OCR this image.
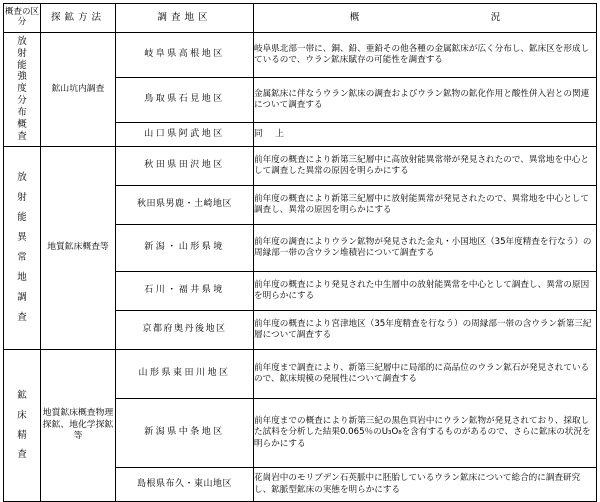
概査の区 分	探鉱方法	調査地区	概 況

放射能強度分布概査	鉱山坑内調査	岐阜県高根地区	岐阜県北部一帯に、銅、鉛、亜鉛その他各種の金属鉱床が広く分布し、鉱床区を形成しているので、ウラン鉱床賦存の可能性を調査する
		鳥取県石見地区	金属鉱床に伴なうウラン鉱床の調査およびウラン鉱物の鉱化作用と酸性併入岩との関連について調査する
		山口県阿武地区	同　上
放射能異常地調査	地質鉱床概査等	秋田県田沢地区	前年度の概査により新第三紀層中に高放射能異常帯が発見されたので、異常地を中心として調査した異常の原因を明らかにする
		秋田県男鹿・土崎地区	前年度の概査により新第三紀層中に放射能異常が発見されたので、異常地を中心として調査し、異常の原因を明らかにする
		新潟・山形県境	前年度の調査によりウラン鉱物が発見された金丸・小国地区（35年度精査を行なう）の周縁部一帯の含ウラン堆積岩について調査する
		石川・福井県境	前年度の概査により発見された中生層中の放射能異常を中心として調査し、異常の原因を明らかにする
		京都府奥丹後地区	前年度の概査により宮津地区（35年度精査を行なう）の周縁部一帯の含ウラン新第三紀層について調査する
鉱床精査	地質鉱床概査物理探鉱、地化学探鉱等	山形県東田川地区	前年度まで調査により、新第三紀層中に局部的に高品位のウラン鉱石が発見されているので、鉱床規模の発展性について調査する
		新潟県中条地区	前年度までの概査により新第三紀の黒色頁岩中にウラン鉱物が発見されており、採取した試料を分析した結果0.065％のU₃O₈を含有するものがあるので、さらに鉱床の状況を明らかにする
		島根県布久・東山地区	花崗岩中のモリブデン石英脈中に胚胎しているウラン鉱床について総合的に調査研究し、鉱脈型鉱床の実態を明らかにする
